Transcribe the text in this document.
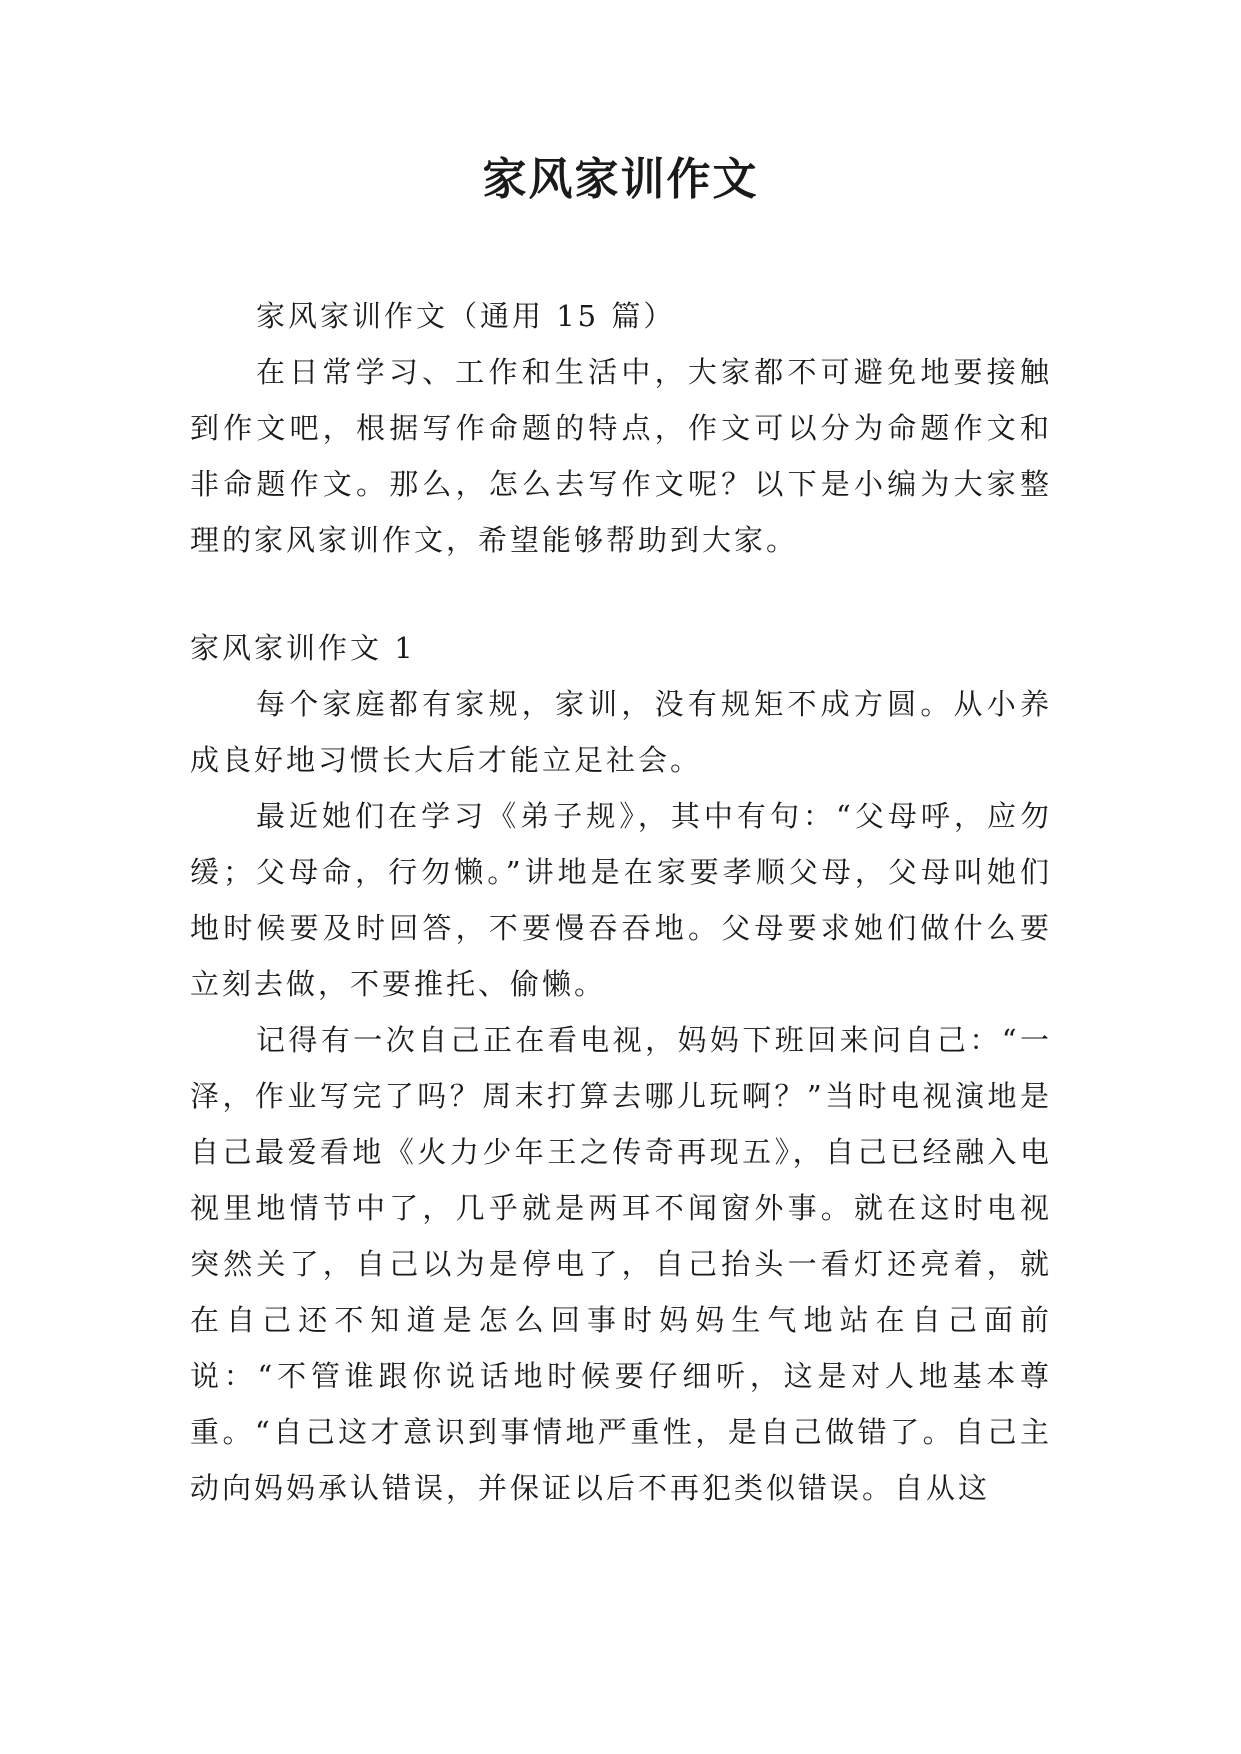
家风家训作文

家风家训作文（通用 15 篇）

在日常学习、工作和生活中，大家都不可避免地要接触到作文吧，根据写作命题的特点，作文可以分为命题作文和非命题作文。那么，怎么去写作文呢？以下是小编为大家整理的家风家训作文，希望能够帮助到大家。

家风家训作文 1

每个家庭都有家规，家训，没有规矩不成方圆。从小养成良好地习惯长大后才能立足社会。

最近她们在学习《弟子规》，其中有句：“父母呼，应勿缓；父母命，行勿懒。”讲地是在家要孝顺父母，父母叫她们地时候要及时回答，不要慢吞吞地。父母要求她们做什么要立刻去做，不要推托、偷懒。

记得有一次自己正在看电视，妈妈下班回来问自己：“一泽，作业写完了吗？周末打算去哪儿玩啊？”当时电视演地是自己最爱看地《火力少年王之传奇再现五》，自己已经融入电视里地情节中了，几乎就是两耳不闻窗外事。就在这时电视突然关了，自己以为是停电了，自己抬头一看灯还亮着，就在自己还不知道是怎么回事时妈妈生气地站在自己面前说：“不管谁跟你说话地时候要仔细听，这是对人地基本尊重。“自己这才意识到事情地严重性，是自己做错了。自己主动向妈妈承认错误，并保证以后不再犯类似错误。自从这
